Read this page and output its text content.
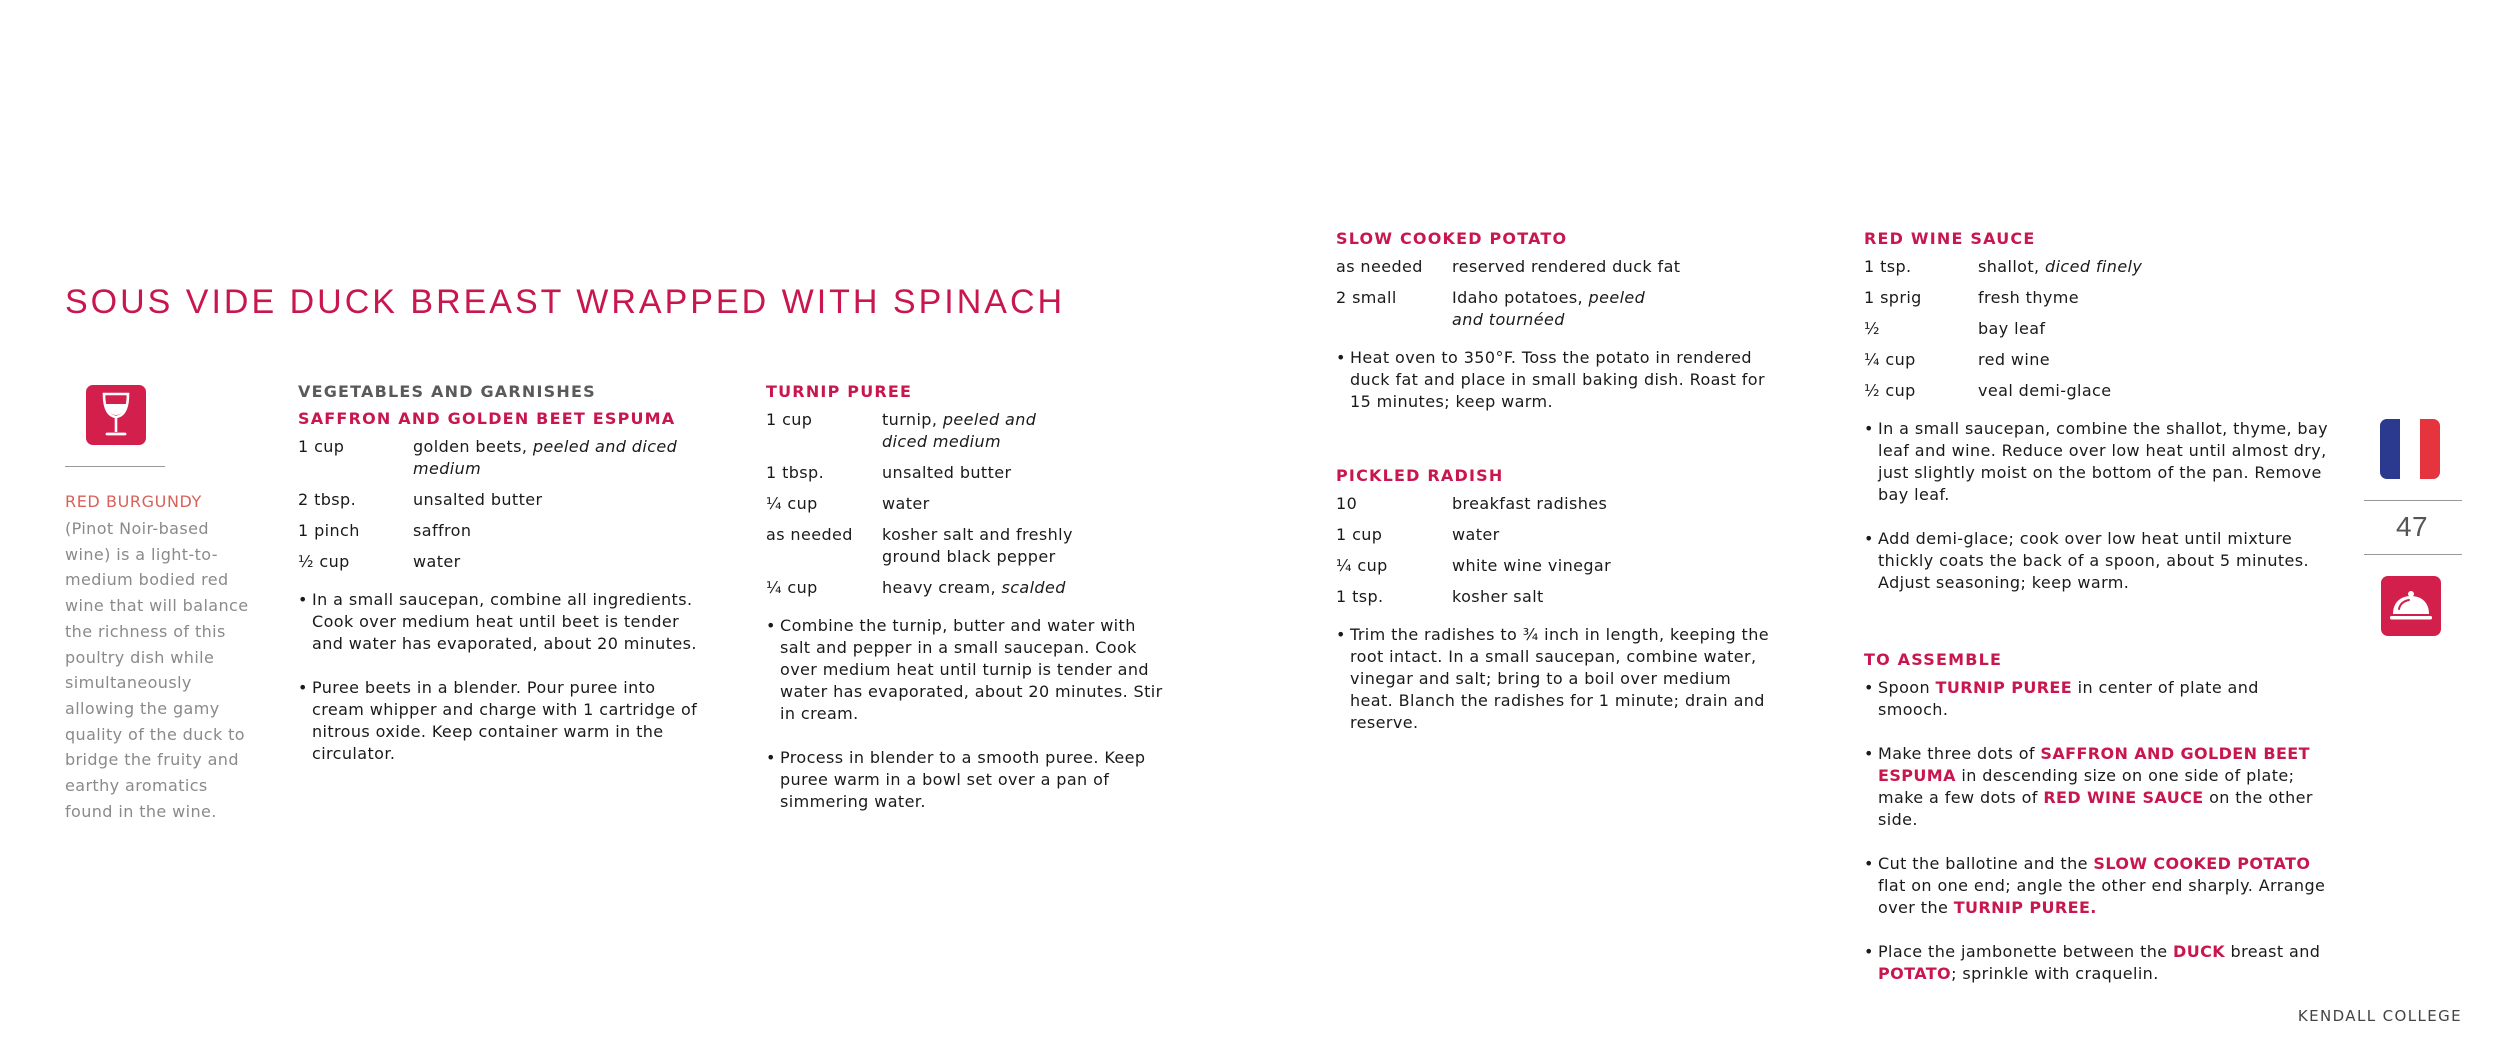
SOUS VIDE DUCK BREAST WRAPPED WITH SPINACH

RED BURGUNDY

(Pinot Noir-based wine) is a light-to-medium bodied red wine that will balance the richness of this poultry dish while simultaneously allowing the gamy quality of the duck to bridge the fruity and earthy aromatics found in the wine.

VEGETABLES AND GARNISHES
SAFFRON AND GOLDEN BEET ESPUMA

1 cup	golden beets, peeled and diced medium

2 tbsp.	unsalted butter

1 pinch	saffron

½ cup	water

• In a small saucepan, combine all ingredients. Cook over medium heat until beet is tender and water has evaporated, about 20 minutes.
• Puree beets in a blender. Pour puree into cream whipper and charge with 1 cartridge of nitrous oxide. Keep container warm in the circulator.
TURNIP PUREE

1 cup	turnip, peeled and diced medium

1 tbsp.	unsalted butter

¼ cup	water

as needed	kosher salt and freshly ground black pepper

¼ cup	heavy cream, scalded

• Combine the turnip, butter and water with salt and pepper in a small saucepan. Cook over medium heat until turnip is tender and water has evaporated, about 20 minutes. Stir in cream.
• Process in blender to a smooth puree. Keep puree warm in a bowl set over a pan of simmering water.
SLOW COOKED POTATO

as needed	reserved rendered duck fat

2 small	Idaho potatoes, peeled and tournéed

• Heat oven to 350°F. Toss the potato in rendered duck fat and place in small baking dish. Roast for 15 minutes; keep warm.
PICKLED RADISH

10	breakfast radishes

1 cup	water

¼ cup	white wine vinegar

1 tsp.	kosher salt

• Trim the radishes to ¾ inch in length, keeping the root intact. In a small saucepan, combine water, vinegar and salt; bring to a boil over medium heat. Blanch the radishes for 1 minute; drain and reserve.
RED WINE SAUCE

1 tsp.	shallot, diced finely

1 sprig	fresh thyme

½	bay leaf

¼ cup	red wine

½ cup	veal demi-glace

• In a small saucepan, combine the shallot, thyme, bay leaf and wine. Reduce over low heat until almost dry, just slightly moist on the bottom of the pan. Remove bay leaf.
• Add demi-glace; cook over low heat until mixture thickly coats the back of a spoon, about 5 minutes. Adjust seasoning; keep warm.
TO ASSEMBLE
• Spoon TURNIP PUREE in center of plate and smooch.
• Make three dots of SAFFRON AND GOLDEN BEET ESPUMA in descending size on one side of plate; make a few dots of RED WINE SAUCE on the other side.
• Cut the ballotine and the SLOW COOKED POTATO flat on one end; angle the other end sharply. Arrange over the TURNIP PUREE.
• Place the jambonette between the DUCK breast and POTATO; sprinkle with craquelin.

47

KENDALL COLLEGE
